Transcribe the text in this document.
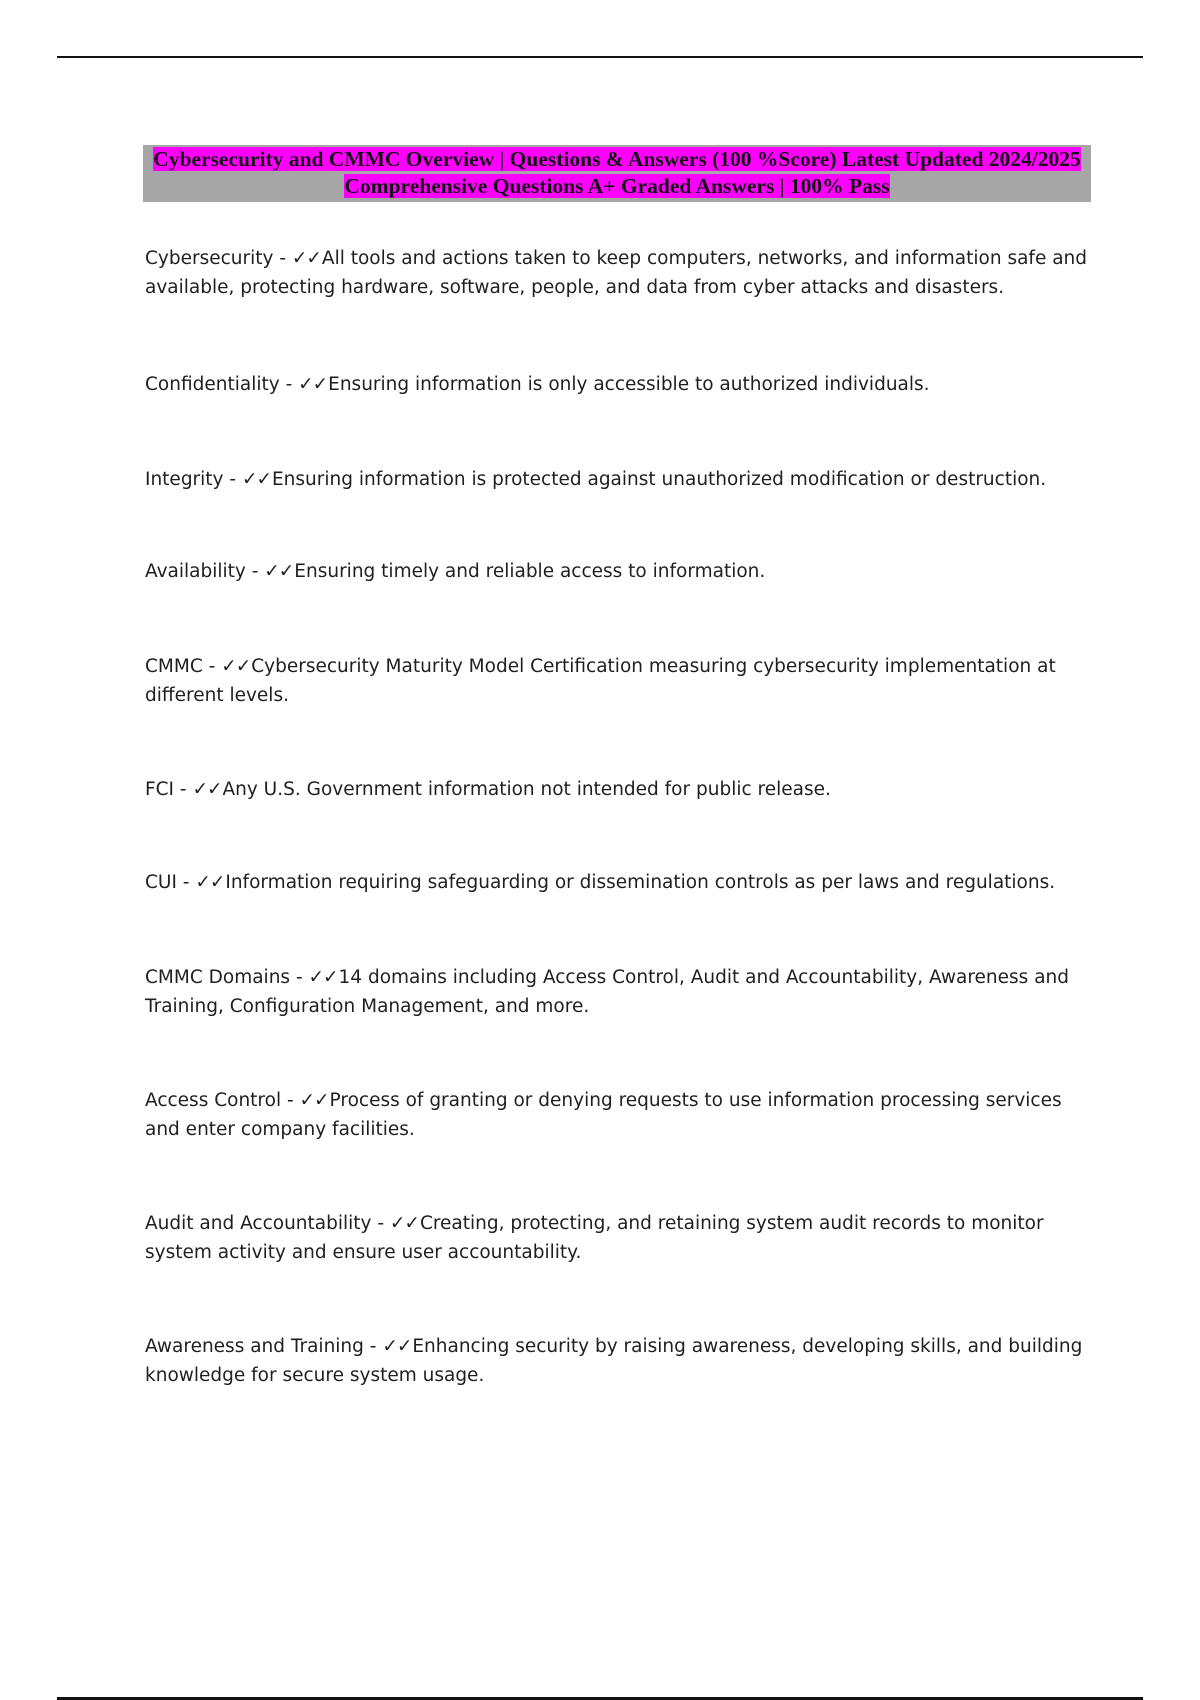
Cybersecurity and CMMC Overview | Questions & Answers (100 %Score) Latest Updated 2024/2025 Comprehensive Questions A+ Graded Answers | 100% Pass

Cybersecurity - ✓✓All tools and actions taken to keep computers, networks, and information safe and available, protecting hardware, software, people, and data from cyber attacks and disasters.

Confidentiality - ✓✓Ensuring information is only accessible to authorized individuals.

Integrity - ✓✓Ensuring information is protected against unauthorized modification or destruction.

Availability - ✓✓Ensuring timely and reliable access to information.

CMMC - ✓✓Cybersecurity Maturity Model Certification measuring cybersecurity implementation at different levels.

FCI - ✓✓Any U.S. Government information not intended for public release.

CUI - ✓✓Information requiring safeguarding or dissemination controls as per laws and regulations.

CMMC Domains - ✓✓14 domains including Access Control, Audit and Accountability, Awareness and Training, Configuration Management, and more.

Access Control - ✓✓Process of granting or denying requests to use information processing services and enter company facilities.

Audit and Accountability - ✓✓Creating, protecting, and retaining system audit records to monitor system activity and ensure user accountability.

Awareness and Training - ✓✓Enhancing security by raising awareness, developing skills, and building knowledge for secure system usage.
